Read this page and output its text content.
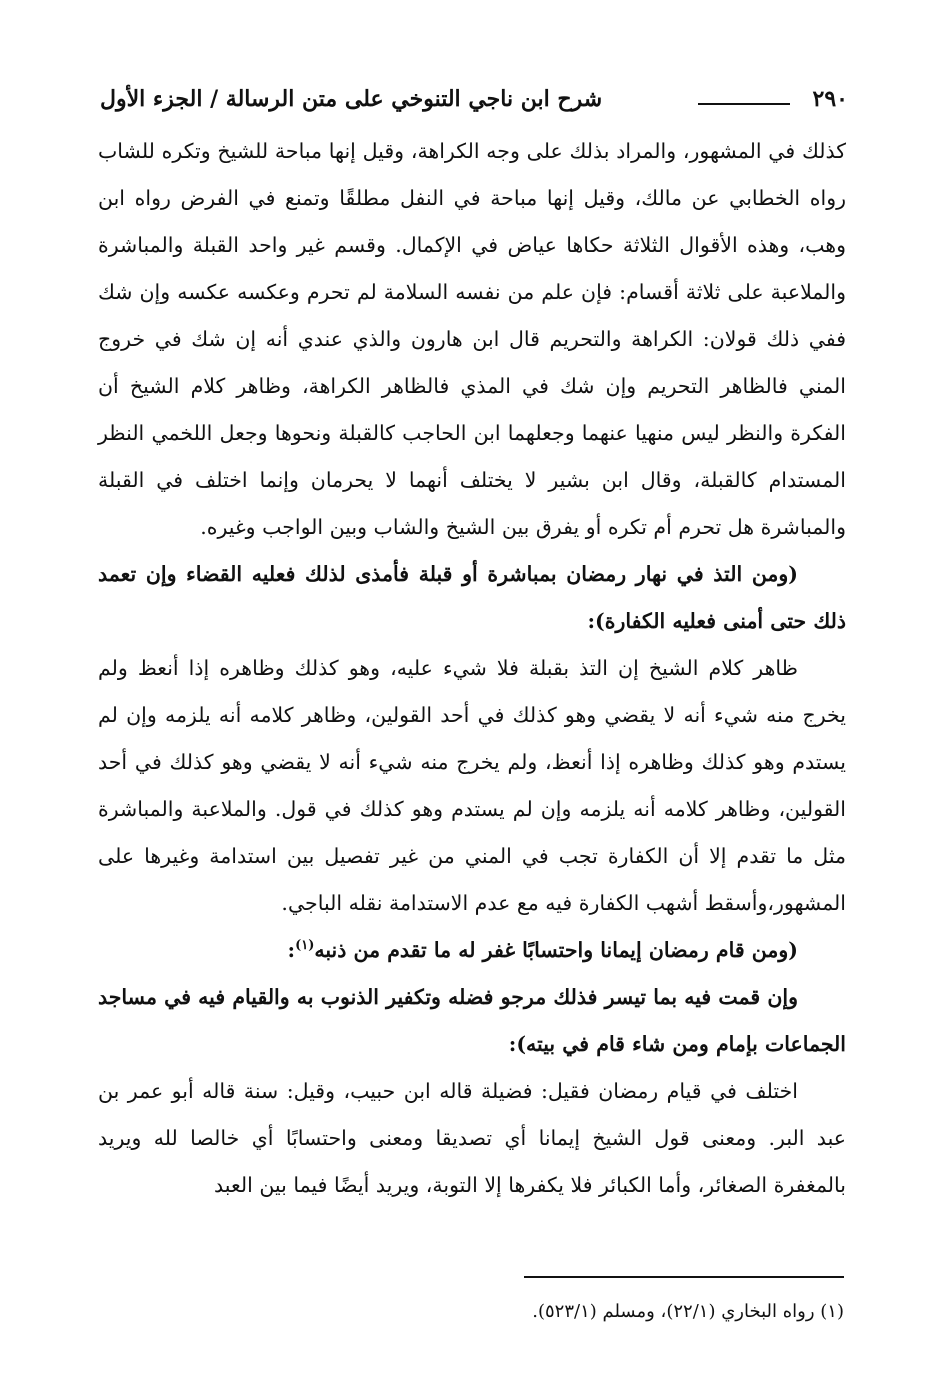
٢٩٠
شرح ابن ناجي التنوخي على متن الرسالة / الجزء الأول

كذلك في المشهور، والمراد بذلك على وجه الكراهة، وقيل إنها مباحة للشيخ وتكره للشاب رواه الخطابي عن مالك، وقيل إنها مباحة في النفل مطلقًا وتمنع في الفرض رواه ابن وهب، وهذه الأقوال الثلاثة حكاها عياض في الإكمال. وقسم غير واحد القبلة والمباشرة والملاعبة على ثلاثة أقسام: فإن علم من نفسه السلامة لم تحرم وعكسه عكسه وإن شك ففي ذلك قولان: الكراهة والتحريم قال ابن هارون والذي عندي أنه إن شك في خروج المني فالظاهر التحريم وإن شك في المذي فالظاهر الكراهة، وظاهر كلام الشيخ أن الفكرة والنظر ليس منهيا عنهما وجعلهما ابن الحاجب كالقبلة ونحوها وجعل اللخمي النظر المستدام كالقبلة، وقال ابن بشير لا يختلف أنهما لا يحرمان وإنما اختلف في القبلة والمباشرة هل تحرم أم تكره أو يفرق بين الشيخ والشاب وبين الواجب وغيره.

(ومن التذ في نهار رمضان بمباشرة أو قبلة فأمذى لذلك فعليه القضاء وإن تعمد ذلك حتى أمنى فعليه الكفارة):

ظاهر كلام الشيخ إن التذ بقبلة فلا شيء عليه، وهو كذلك وظاهره إذا أنعظ ولم يخرج منه شيء أنه لا يقضي وهو كذلك في أحد القولين، وظاهر كلامه أنه يلزمه وإن لم يستدم وهو كذلك وظاهره إذا أنعظ، ولم يخرج منه شيء أنه لا يقضي وهو كذلك في أحد القولين، وظاهر كلامه أنه يلزمه وإن لم يستدم وهو كذلك في قول. والملاعبة والمباشرة مثل ما تقدم إلا أن الكفارة تجب في المني من غير تفصيل بين استدامة وغيرها على المشهور،وأسقط أشهب الكفارة فيه مع عدم الاستدامة نقله الباجي.

(ومن قام رمضان إيمانا واحتسابًا غفر له ما تقدم من ذنبه$^{(١)}$:

وإن قمت فيه بما تيسر فذلك مرجو فضله وتكفير الذنوب به والقيام فيه في مساجد الجماعات بإمام ومن شاء قام في بيته):

اختلف في قيام رمضان فقيل: فضيلة قاله ابن حبيب، وقيل: سنة قاله أبو عمر بن عبد البر. ومعنى قول الشيخ إيمانا أي تصديقا ومعنى واحتسابًا أي خالصا لله ويريد بالمغفرة الصغائر، وأما الكبائر فلا يكفرها إلا التوبة، ويريد أيضًا فيما بين العبد

(١) رواه البخاري (٢٢/١)، ومسلم (٥٢٣/١).
